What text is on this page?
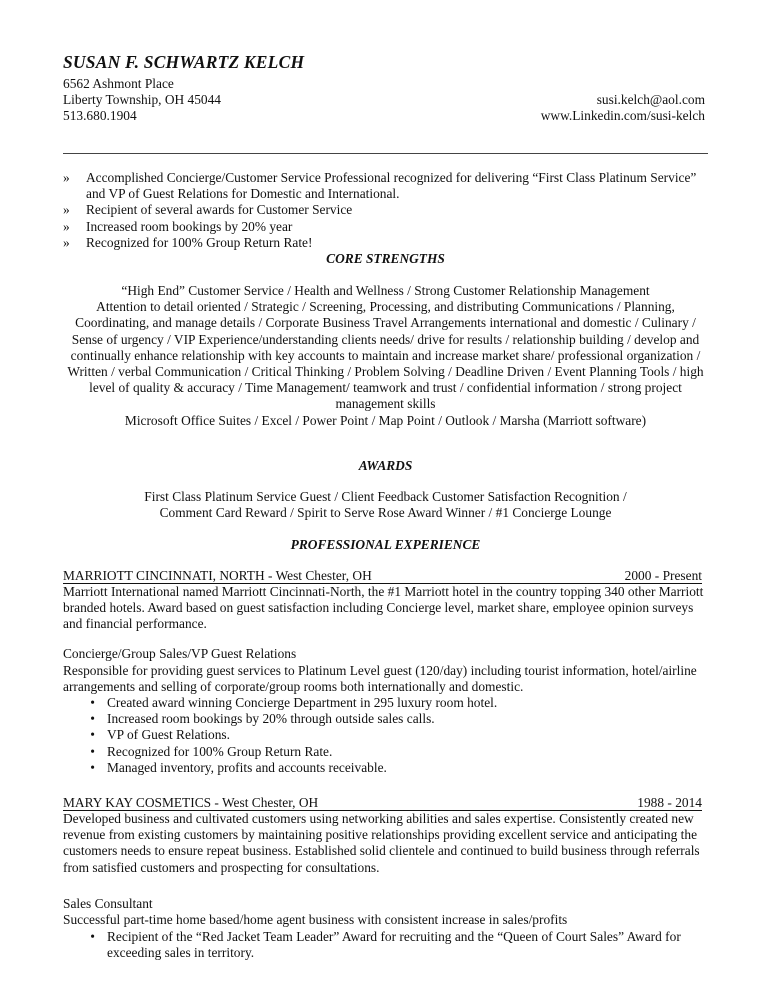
SUSAN F. SCHWARTZ KELCH
6562 Ashmont Place
Liberty Township, OH 45044
513.680.1904
susi.kelch@aol.com
www.Linkedin.com/susi-kelch
»	Accomplished Concierge/Customer Service Professional recognized for delivering “First Class Platinum Service” and VP of Guest Relations for Domestic and International.
»	Recipient of several awards for Customer Service
»	Increased room bookings by 20% year
»	Recognized for 100% Group Return Rate!
CORE STRENGTHS
“High End” Customer Service / Health and Wellness / Strong Customer Relationship Management
Attention to detail oriented / Strategic / Screening, Processing, and distributing Communications / Planning, Coordinating, and manage details / Corporate Business Travel Arrangements international and domestic / Culinary / Sense of urgency / VIP Experience/understanding clients needs/ drive for results / relationship building / develop and continually enhance relationship with key accounts to maintain and increase market share/ professional organization /
Written / verbal Communication / Critical Thinking / Problem Solving / Deadline Driven / Event Planning Tools / high level of quality & accuracy / Time Management/ teamwork and trust / confidential information / strong project management skills
Microsoft Office Suites / Excel / Power Point / Map Point / Outlook / Marsha (Marriott software)
AWARDS
First Class Platinum Service Guest / Client Feedback Customer Satisfaction Recognition /
Comment Card Reward / Spirit to Serve Rose Award Winner / #1 Concierge Lounge
PROFESSIONAL EXPERIENCE
MARRIOTT CINCINNATI, NORTH - West Chester, OH	2000 - Present
Marriott International named Marriott Cincinnati-North, the #1 Marriott hotel in the country topping 340 other Marriott branded hotels. Award based on guest satisfaction including Concierge level, market share, employee opinion surveys and financial performance.
Concierge/Group Sales/VP Guest Relations
Responsible for providing guest services to Platinum Level guest (120/day) including tourist information, hotel/airline arrangements and selling of corporate/group rooms both internationally and domestic.
• Created award winning Concierge Department in 295 luxury room hotel.
• Increased room bookings by 20% through outside sales calls.
• VP of Guest Relations.
• Recognized for 100% Group Return Rate.
• Managed inventory, profits and accounts receivable.
MARY KAY COSMETICS - West Chester, OH	1988 - 2014
Developed business and cultivated customers using networking abilities and sales expertise. Consistently created new revenue from existing customers by maintaining positive relationships providing excellent service and anticipating the customers needs to ensure repeat business. Established solid clientele and continued to build business through referrals from satisfied customers and prospecting for consultations.
Sales Consultant
Successful part-time home based/home agent business with consistent increase in sales/profits
• Recipient of the “Red Jacket Team Leader” Award for recruiting and the “Queen of Court Sales” Award for exceeding sales in territory.
